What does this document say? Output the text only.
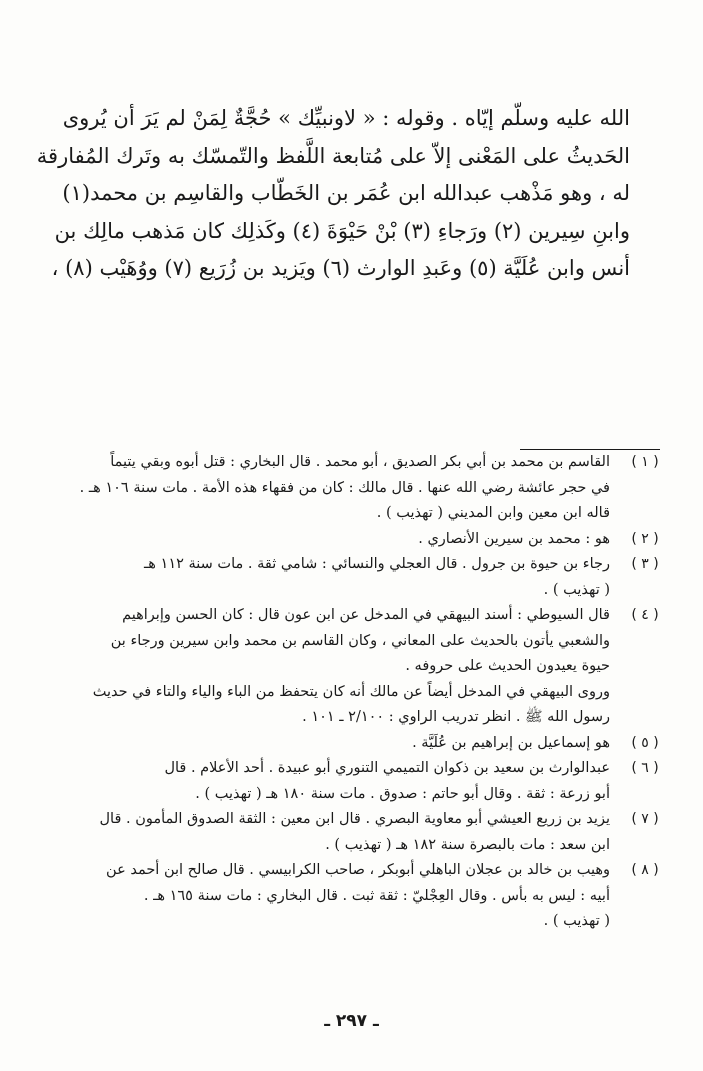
الله عليه وسلّم إيّاه . وقوله : « لاونبيِّك » حُجَّةٌ لِمَنْ لم يَرَ أن يُروى
الحَديثُ على المَعْنى إلاّ على مُتابعة اللَّفظ والتّمسّك به وتَرك المُفارقة
له ، وهو مَذْهب عبدالله ابن عُمَر بن الخَطّاب والقاسِم بن محمد(١)
وابنِ سِيرين (٢) ورَجاءِ (٣) بْنْ حَيْوَةَ (٤) وكَذلِك كان مَذهب مالِك بن
أنس وابن عُلَيَّة (٥) وعَبدِ الوارث (٦) ويَزيد بن زُرَيع (٧) ووُهَيْب (٨) ،
( ١ )
القاسم بن محمد بن أبي بكر الصديق ، أبو محمد . قال البخاري : قتل أبوه وبقي يتيماً
في حجر عائشة رضي الله عنها . قال مالك : كان من فقهاء هذه الأمة . مات سنة ١٠٦ هـ .
قاله ابن معين وابن المديني ( تهذيب ) .
( ٢ )
هو : محمد بن سيرين الأنصاري .
( ٣ )
رجاء بن حيوة بن جرول . قال العجلي والنسائي : شامي ثقة . مات سنة ١١٢ هـ
( تهذيب ) .
( ٤ )
قال السيوطي : أسند البيهقي في المدخل عن ابن عون قال : كان الحسن وإبراهيم
والشعبي يأتون بالحديث على المعاني ، وكان القاسم بن محمد وابن سيرين ورجاء بن
حيوة يعيدون الحديث على حروفه .
وروى البيهقي في المدخل أيضاً عن مالك أنه كان يتحفظ من الباء والياء والتاء في حديث
رسول الله ﷺ . انظر تدريب الراوي : ٢/١٠٠ ـ ١٠١ .
( ٥ )
هو إسماعيل بن إبراهيم بن عُلَيَّة .
( ٦ )
عبدالوارث بن سعيد بن ذكوان التميمي التنوري أبو عبيدة . أحد الأعلام . قال
أبو زرعة : ثقة . وقال أبو حاتم : صدوق . مات سنة ١٨٠ هـ ( تهذيب ) .
( ٧ )
يزيد بن زريع العيشي أبو معاوية البصري . قال ابن معين : الثقة الصدوق المأمون . قال
ابن سعد : مات بالبصرة سنة ١٨٢ هـ ( تهذيب ) .
( ٨ )
وهيب بن خالد بن عجلان الباهلي أبوبكر ، صاحب الكرابيسي . قال صالح ابن أحمد عن
أبيه : ليس به بأس . وقال العِجْليّ : ثقة ثبت . قال البخاري : مات سنة ١٦٥ هـ .
( تهذيب ) .
ـ ٢٩٧ ـ
